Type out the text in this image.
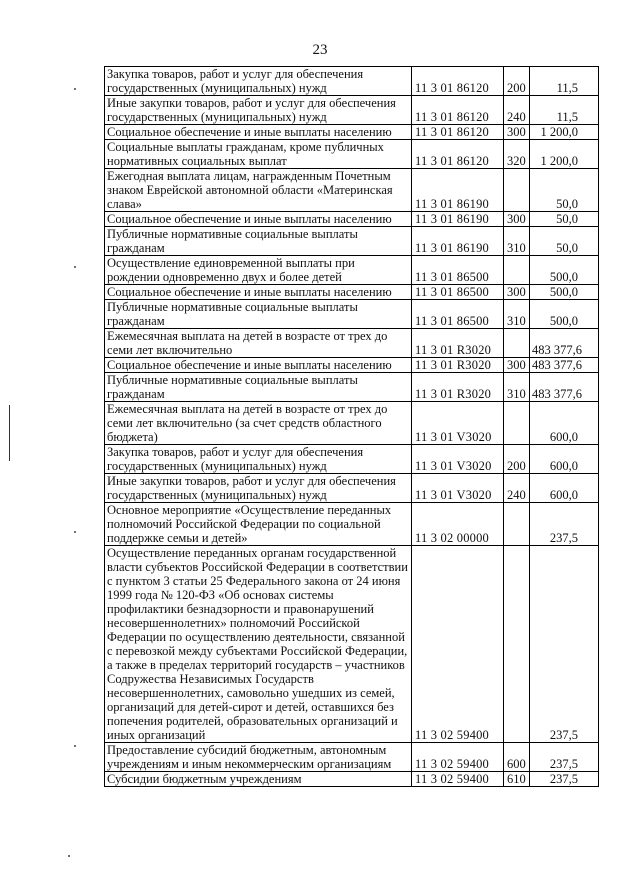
23
Закупка товаров, работ и услуг для обеспечения государственных (муниципальных) нужд	11 3 01 86120	200	11,5
Иные закупки товаров, работ и услуг для обеспечения государственных (муниципальных) нужд	11 3 01 86120	240	11,5
Социальное обеспечение и иные выплаты населению	11 3 01 86120	300	1 200,0
Социальные выплаты гражданам, кроме публичных нормативных социальных выплат	11 3 01 86120	320	1 200,0
Ежегодная выплата лицам, награжденным Почетным знаком Еврейской автономной области «Материнская слава»	11 3 01 86190		50,0
Социальное обеспечение и иные выплаты населению	11 3 01 86190	300	50,0
Публичные нормативные социальные выплаты гражданам	11 3 01 86190	310	50,0
Осуществление единовременной выплаты при рождении одновременно двух и более детей	11 3 01 86500		500,0
Социальное обеспечение и иные выплаты населению	11 3 01 86500	300	500,0
Публичные нормативные социальные выплаты гражданам	11 3 01 86500	310	500,0
Ежемесячная выплата на детей в возрасте от трех до семи лет включительно	11 3 01 R3020		483 377,6
Социальное обеспечение и иные выплаты населению	11 3 01 R3020	300	483 377,6
Публичные нормативные социальные выплаты гражданам	11 3 01 R3020	310	483 377,6
Ежемесячная выплата на детей в возрасте от трех до семи лет включительно (за счет средств областного бюджета)	11 3 01 V3020		600,0
Закупка товаров, работ и услуг для обеспечения государственных (муниципальных) нужд	11 3 01 V3020	200	600,0
Иные закупки товаров, работ и услуг для обеспечения государственных (муниципальных) нужд	11 3 01 V3020	240	600,0
Основное мероприятие «Осуществление переданных полномочий Российской Федерации по социальной поддержке семьи и детей»	11 3 02 00000		237,5
Осуществление переданных органам государственной власти субъектов Российской Федерации в соответствии с пунктом 3 статьи 25 Федерального закона от 24 июня 1999 года № 120-ФЗ «Об основах системы профилактики безнадзорности и правонарушений несовершеннолетних» полномочий Российской Федерации по осуществлению деятельности, связанной с перевозкой между субъектами Российской Федерации, а также в пределах территорий государств – участников Содружества Независимых Государств несовершеннолетних, самовольно ушедших из семей, организаций для детей-сирот и детей, оставшихся без попечения родителей, образовательных организаций и иных организаций	11 3 02 59400		237,5
Предоставление субсидий бюджетным, автономным учреждениям и иным некоммерческим организациям	11 3 02 59400	600	237,5
Субсидии бюджетным учреждениям	11 3 02 59400	610	237,5
